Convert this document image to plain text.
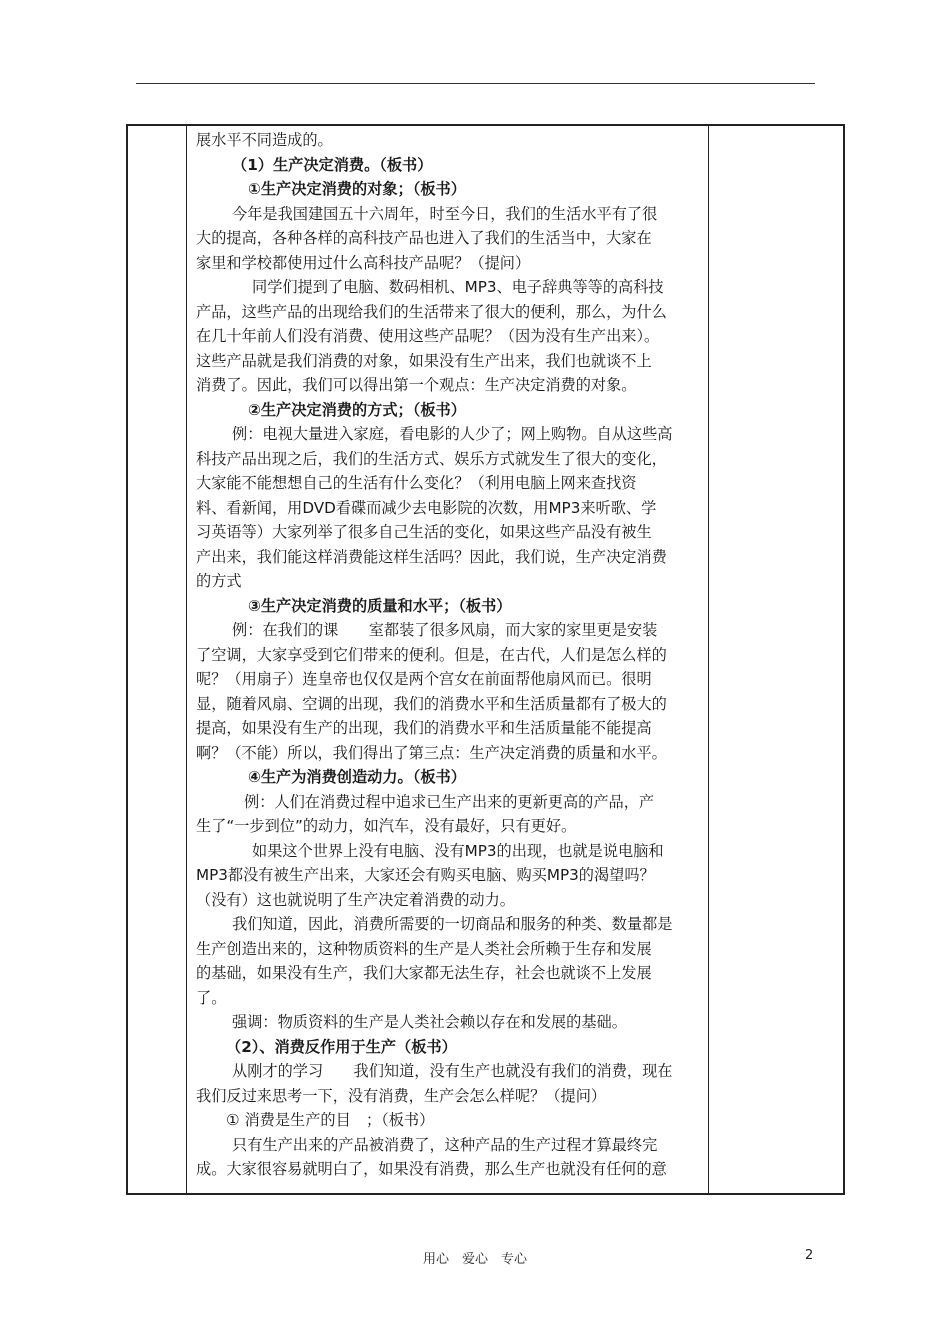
展水平不同造成的。
（1）生产决定消费。（板书）
①生产决定消费的对象；（板书）
今年是我国建国五十六周年，时至今日，我们的生活水平有了很
大的提高，各种各样的高科技产品也进入了我们的生活当中，大家在
家里和学校都使用过什么高科技产品呢？（提问）
同学们提到了电脑、数码相机、MP3、电子辞典等等的高科技
产品，这些产品的出现给我们的生活带来了很大的便利，那么，为什么
在几十年前人们没有消费、使用这些产品呢？（因为没有生产出来）。
这些产品就是我们消费的对象，如果没有生产出来，我们也就谈不上
消费了。因此，我们可以得出第一个观点：生产决定消费的对象。
②生产决定消费的方式；（板书）
例：电视大量进入家庭，看电影的人少了；网上购物。自从这些高
科技产品出现之后，我们的生活方式、娱乐方式就发生了很大的变化，
大家能不能想想自己的生活有什么变化？（利用电脑上网来查找资
料、看新闻，用DVD看碟而减少去电影院的次数，用MP3来听歌、学
习英语等）大家列举了很多自己生活的变化，如果这些产品没有被生
产出来，我们能这样消费能这样生活吗？因此，我们说，生产决定消费
的方式
③生产决定消费的质量和水平；（板书）
例：在我们的课　　室都装了很多风扇，而大家的家里更是安装
了空调，大家享受到它们带来的便利。但是，在古代，人们是怎么样的
呢？（用扇子）连皇帝也仅仅是两个宫女在前面帮他扇风而已。很明
显，随着风扇、空调的出现，我们的消费水平和生活质量都有了极大的
提高，如果没有生产的出现，我们的消费水平和生活质量能不能提高
啊？（不能）所以，我们得出了第三点：生产决定消费的质量和水平。
④生产为消费创造动力。（板书）
例：人们在消费过程中追求已生产出来的更新更高的产品，产
生了“一步到位”的动力，如汽车，没有最好，只有更好。
如果这个世界上没有电脑、没有MP3的出现，也就是说电脑和
MP3都没有被生产出来，大家还会有购买电脑、购买MP3的渴望吗？
（没有）这也就说明了生产决定着消费的动力。
我们知道，因此，消费所需要的一切商品和服务的种类、数量都是
生产创造出来的，这种物质资料的生产是人类社会所赖于生存和发展
的基础，如果没有生产，我们大家都无法生存，社会也就谈不上发展
了。
强调：物质资料的生产是人类社会赖以存在和发展的基础。
（2）、消费反作用于生产（板书）
从刚才的学习　　我们知道，没有生产也就没有我们的消费，现在
我们反过来思考一下，没有消费，生产会怎么样呢？（提问）
① 消费是生产的目　；（板书）
只有生产出来的产品被消费了，这种产品的生产过程才算最终完
成。大家很容易就明白了，如果没有消费，那么生产也就没有任何的意
用心　爱心　专心	2
